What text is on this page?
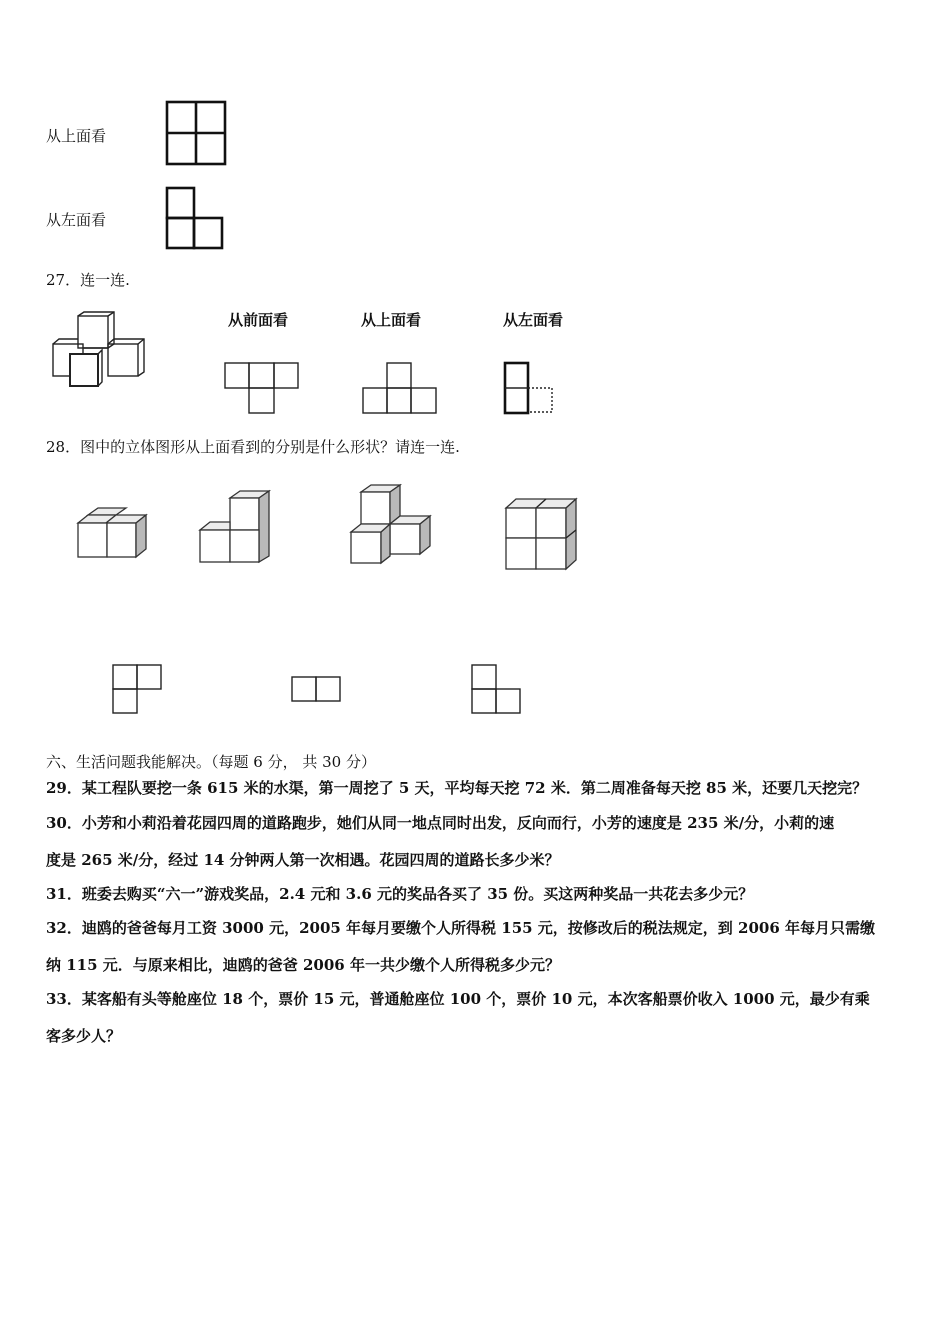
从上面看
从左面看
27．连一连.
从前面看	从上面看	从左面看
28．图中的立体图形从上面看到的分别是什么形状？请连一连.
六、生活问题我能解决。（每题 6 分， 共 30 分）
29．某工程队要挖一条 615 米的水渠，第一周挖了 5 天，平均每天挖 72 米．第二周准备每天挖 85 米，还要几天挖完？
30．小芳和小莉沿着花园四周的道路跑步，她们从同一地点同时出发，反向而行，小芳的速度是 235 米/分，小莉的速
度是 265 米/分，经过 14 分钟两人第一次相遇。花园四周的道路长多少米？
31．班委去购买“六一”游戏奖品，2.4 元和 3.6 元的奖品各买了 35 份。买这两种奖品一共花去多少元？
32．迪鸥的爸爸每月工资 3000 元，2005 年每月要缴个人所得税 155 元，按修改后的税法规定，到 2006 年每月只需缴
纳 115 元．与原来相比，迪鸥的爸爸 2006 年一共少缴个人所得税多少元？
33．某客船有头等舱座位 18 个，票价 15 元，普通舱座位 100 个，票价 10 元，本次客船票价收入 1000 元，最少有乘
客多少人？
